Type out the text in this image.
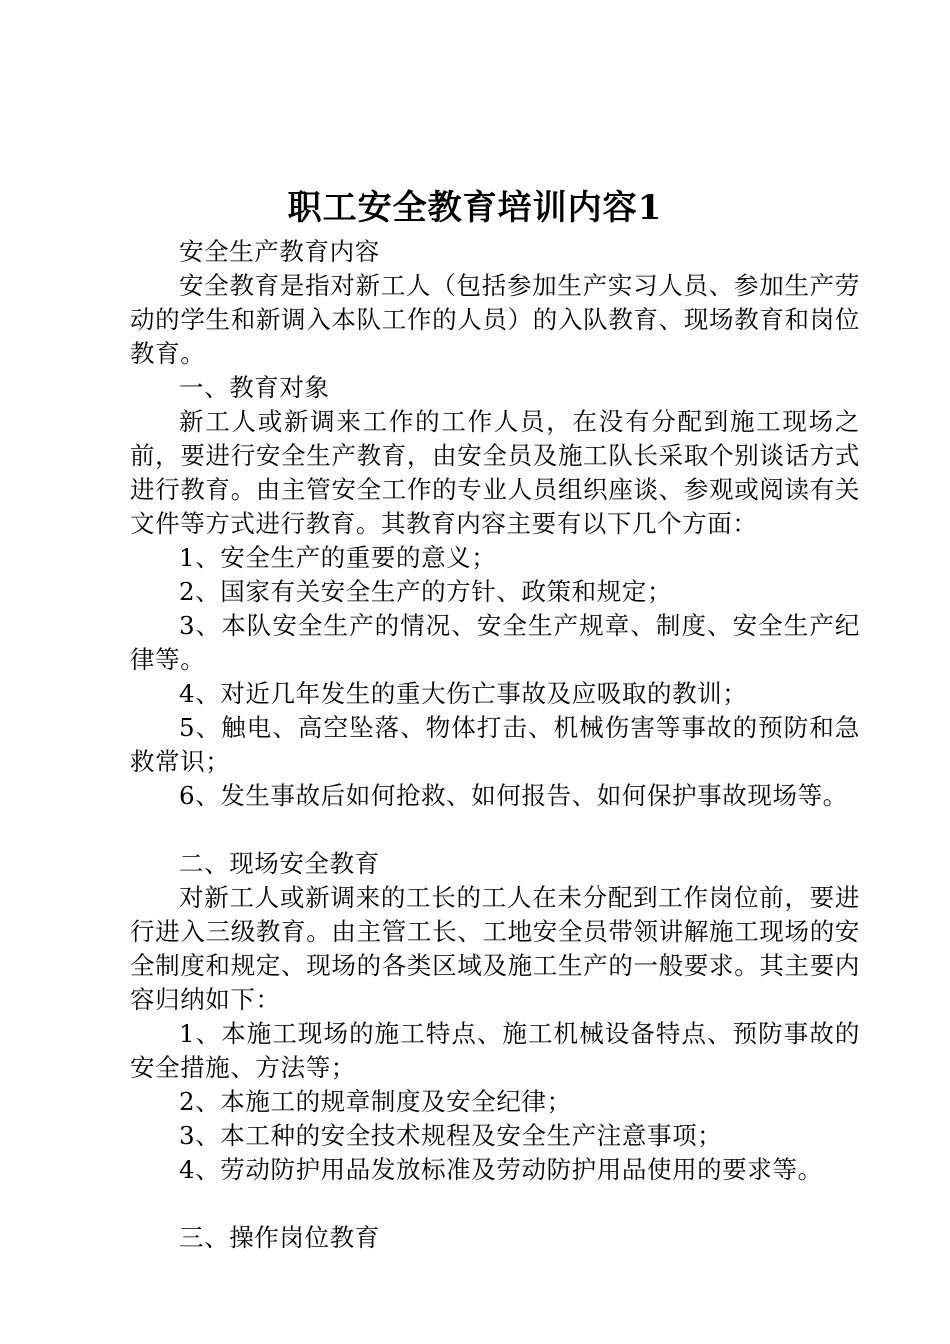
职工安全教育培训内容1

安全生产教育内容

安全教育是指对新工人（包括参加生产实习人员、参加生产劳动的学生和新调入本队工作的人员）的入队教育、现场教育和岗位教育。

一、教育对象

新工人或新调来工作的工作人员，在没有分配到施工现场之前，要进行安全生产教育，由安全员及施工队长采取个别谈话方式进行教育。由主管安全工作的专业人员组织座谈、参观或阅读有关文件等方式进行教育。其教育内容主要有以下几个方面：

1、安全生产的重要的意义；

2、国家有关安全生产的方针、政策和规定；

3、本队安全生产的情况、安全生产规章、制度、安全生产纪律等。

4、对近几年发生的重大伤亡事故及应吸取的教训；

5、触电、高空坠落、物体打击、机械伤害等事故的预防和急救常识；

6、发生事故后如何抢救、如何报告、如何保护事故现场等。

二、现场安全教育

对新工人或新调来的工长的工人在未分配到工作岗位前，要进行进入三级教育。由主管工长、工地安全员带领讲解施工现场的安全制度和规定、现场的各类区域及施工生产的一般要求。其主要内容归纳如下：

1、本施工现场的施工特点、施工机械设备特点、预防事故的安全措施、方法等；

2、本施工的规章制度及安全纪律；

3、本工种的安全技术规程及安全生产注意事项；

4、劳动防护用品发放标准及劳动防护用品使用的要求等。

三、操作岗位教育
